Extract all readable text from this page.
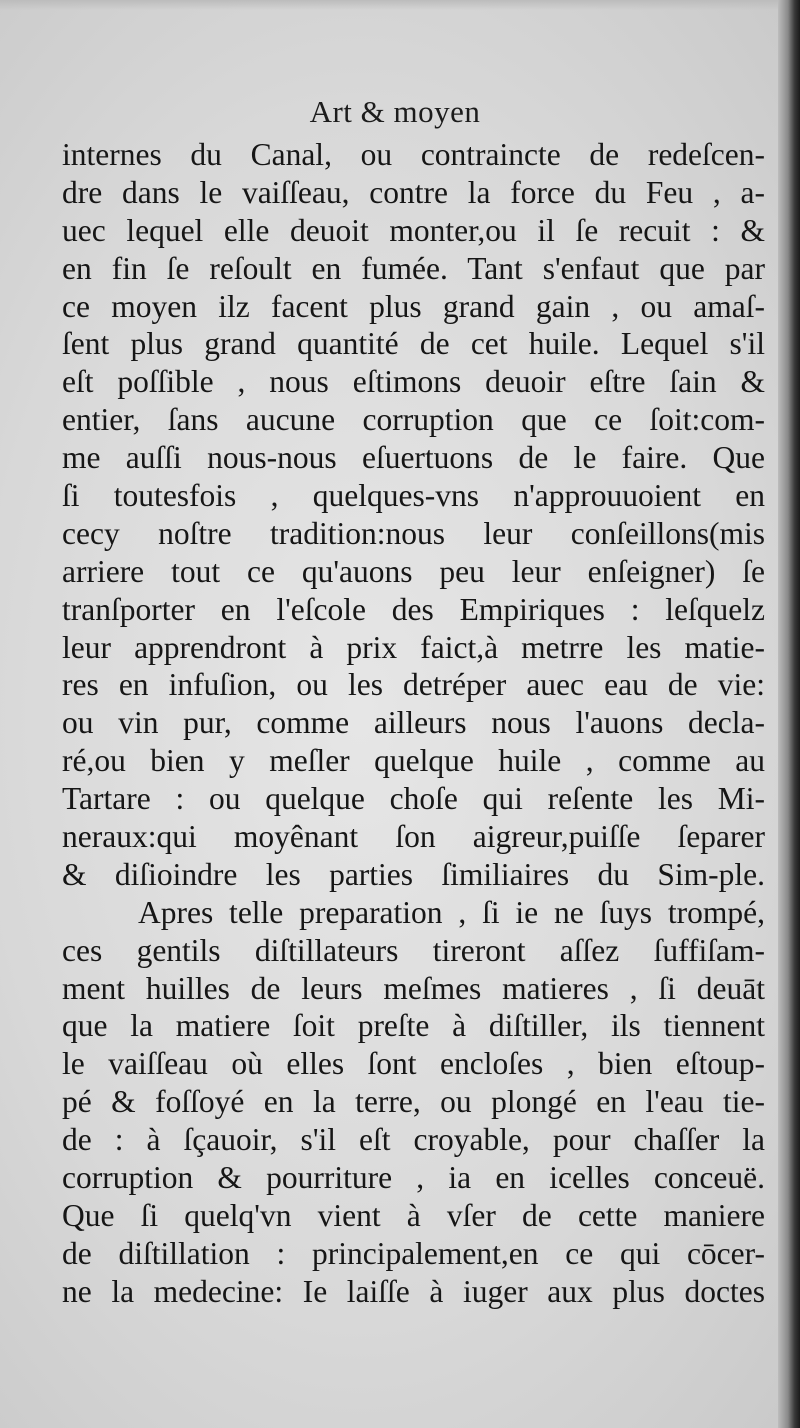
Art & moyen
internes du Canal, ou contraincte de redeſcen-
dre dans le vaiſſeau, contre la force du Feu , a-
uec lequel elle deuoit monter,ou il ſe recuit : &
en fin ſe reſoult en fumée. Tant s'enfaut que par
ce moyen ilz facent plus grand gain , ou amaſ-
ſent plus grand quantité de cet huile. Lequel s'il
eſt poſſible , nous eſtimons deuoir eſtre ſain &
entier, ſans aucune corruption que ce ſoit:com-
me auſſi nous-nous eſuertuons de le faire. Que
ſi toutesfois , quelques-vns n'approuuoient en
cecy noſtre tradition:nous leur conſeillons(mis
arriere tout ce qu'auons peu leur enſeigner) ſe
tranſporter en l'eſcole des Empiriques : leſquelz
leur apprendront à prix faict,à metrre les matie-
res en infuſion, ou les detréper auec eau de vie:
ou vin pur, comme ailleurs nous l'auons decla-
ré,ou bien y meſler quelque huile , comme au
Tartare : ou quelque choſe qui reſente les Mi-
neraux:qui moyênant ſon aigreur,puiſſe ſeparer
& diſioindre les parties ſimiliaires du Sim-ple.
Apres telle preparation , ſi ie ne ſuys trompé,
ces gentils diſtillateurs tireront aſſez ſuffiſam-
ment huilles de leurs meſmes matieres , ſi deuāt
que la matiere ſoit preſte à diſtiller, ils tiennent
le vaiſſeau où elles ſont encloſes , bien eſtoup-
pé & foſſoyé en la terre, ou plongé en l'eau tie-
de : à ſçauoir, s'il eſt croyable, pour chaſſer la
corruption & pourriture , ia en icelles conceuë.
Que ſi quelq'vn vient à vſer de cette maniere
de diſtillation : principalement,en ce qui cōcer-
ne la medecine: Ie laiſſe à iuger aux plus doctes
